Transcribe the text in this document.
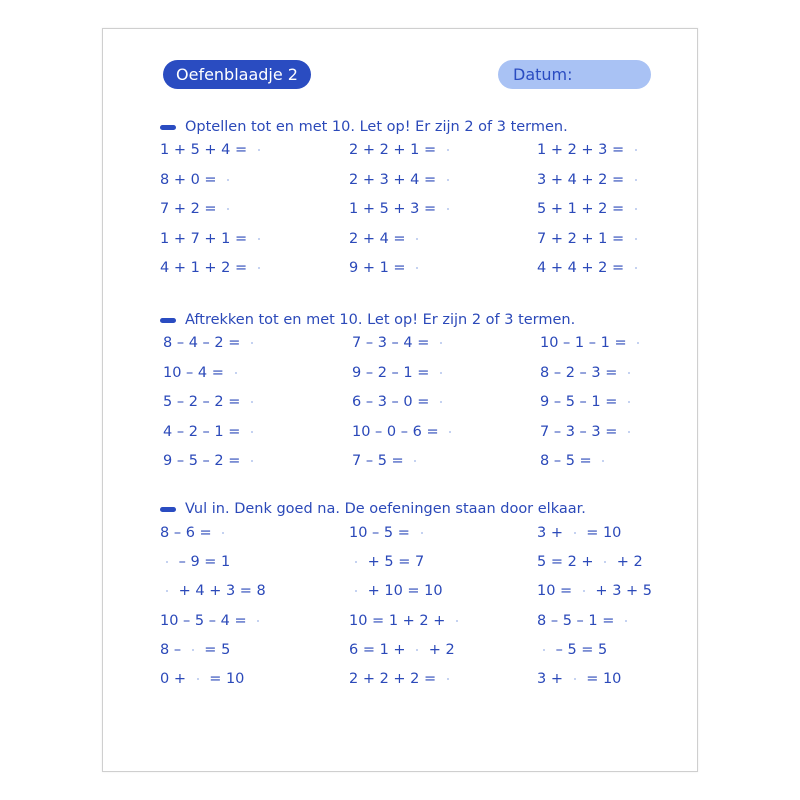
Oefenblaadje 2	Datum:
Optellen tot en met 10. Let op! Er zijn 2 of 3 termen.
1 + 5 + 4 =	2 + 2 + 1 =	1 + 2 + 3 =
8 + 0 =	2 + 3 + 4 =	3 + 4 + 2 =
7 + 2 =	1 + 5 + 3 =	5 + 1 + 2 =
1 + 7 + 1 =	2 + 4 =	7 + 2 + 1 =
4 + 1 + 2 =	9 + 1 =	4 + 4 + 2 =
Aftrekken tot en met 10. Let op! Er zijn 2 of 3 termen.
8 – 4 – 2 =	7 – 3 – 4 =	10 – 1 – 1 =
10 – 4 =	9 – 2 – 1 =	8 – 2 – 3 =
5 – 2 – 2 =	6 – 3 – 0 =	9 – 5 – 1 =
4 – 2 – 1 =	10 – 0 – 6 =	7 – 3 – 3 =
9 – 5 – 2 =	7 – 5 =	8 – 5 =
Vul in. Denk goed na. De oefeningen staan door elkaar.
8 – 6 =	10 – 5 =	3 +  = 10
– 9 = 1	+ 5 = 7	5 = 2 +  + 2
+ 4 + 3 = 8	+ 10 = 10	10 =  + 3 + 5
10 – 5 – 4 =	10 = 1 + 2 +	8 – 5 – 1 =
8 –  = 5	6 = 1 +  + 2	– 5 = 5
0 +  = 10	2 + 2 + 2 =	3 +  = 10
